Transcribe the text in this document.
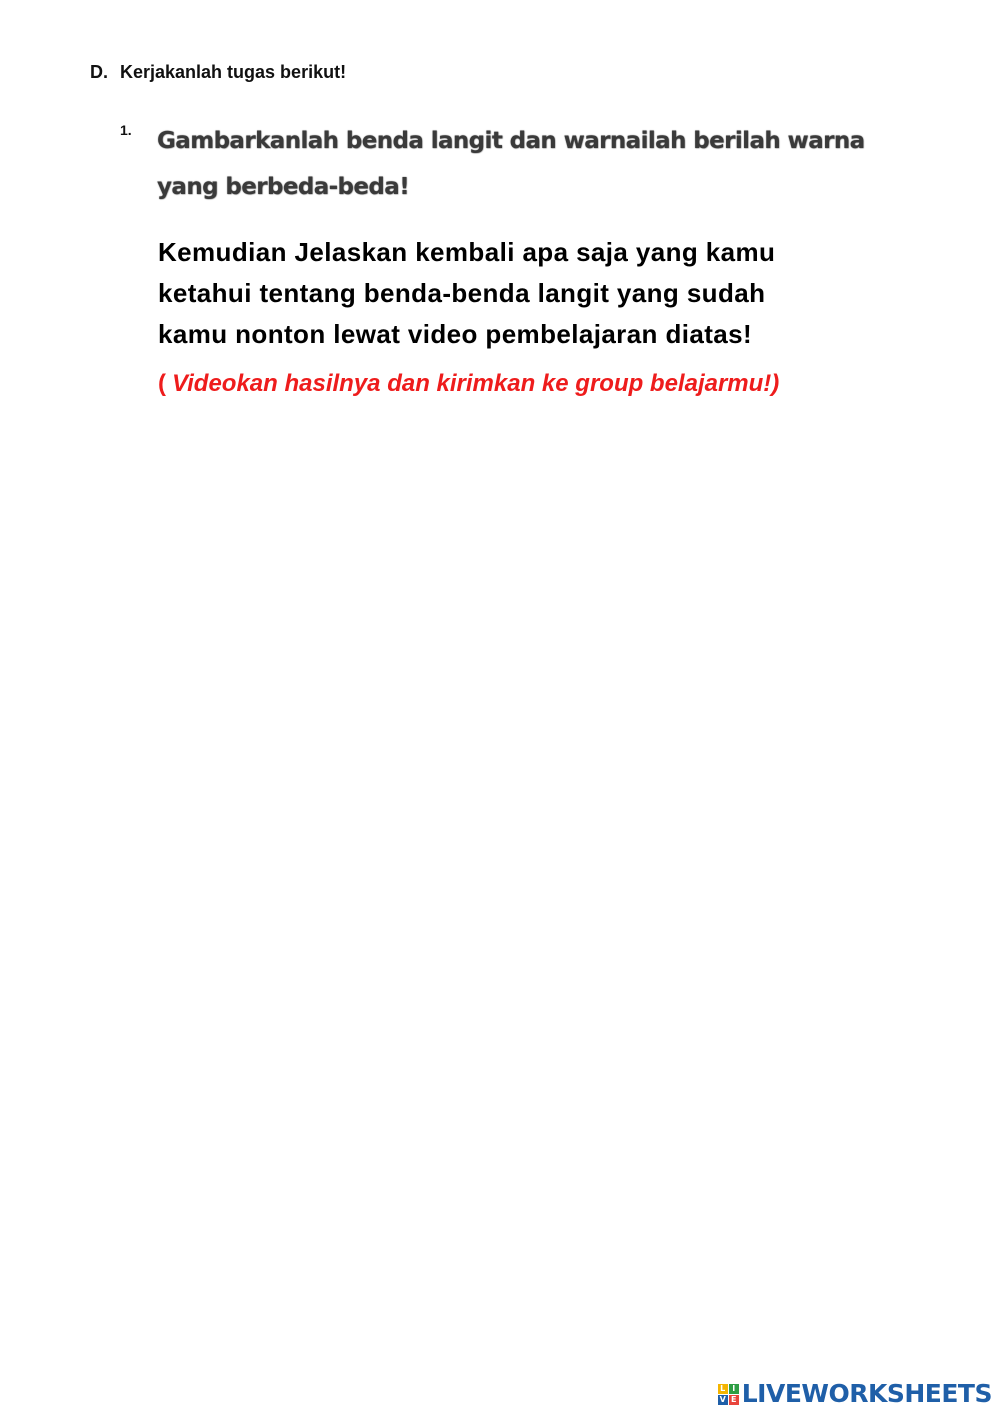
D. Kerjakanlah tugas berikut!
1. Gambarkanlah benda langit dan warnailah berilah warna
yang berbeda-beda!
Kemudian Jelaskan kembali apa saja yang kamu
ketahui tentang benda-benda langit yang sudah
kamu nonton lewat video pembelajaran diatas!
( Videokan hasilnya dan kirimkan ke group belajarmu!)
L I
V E LIVEWORKSHEETS
